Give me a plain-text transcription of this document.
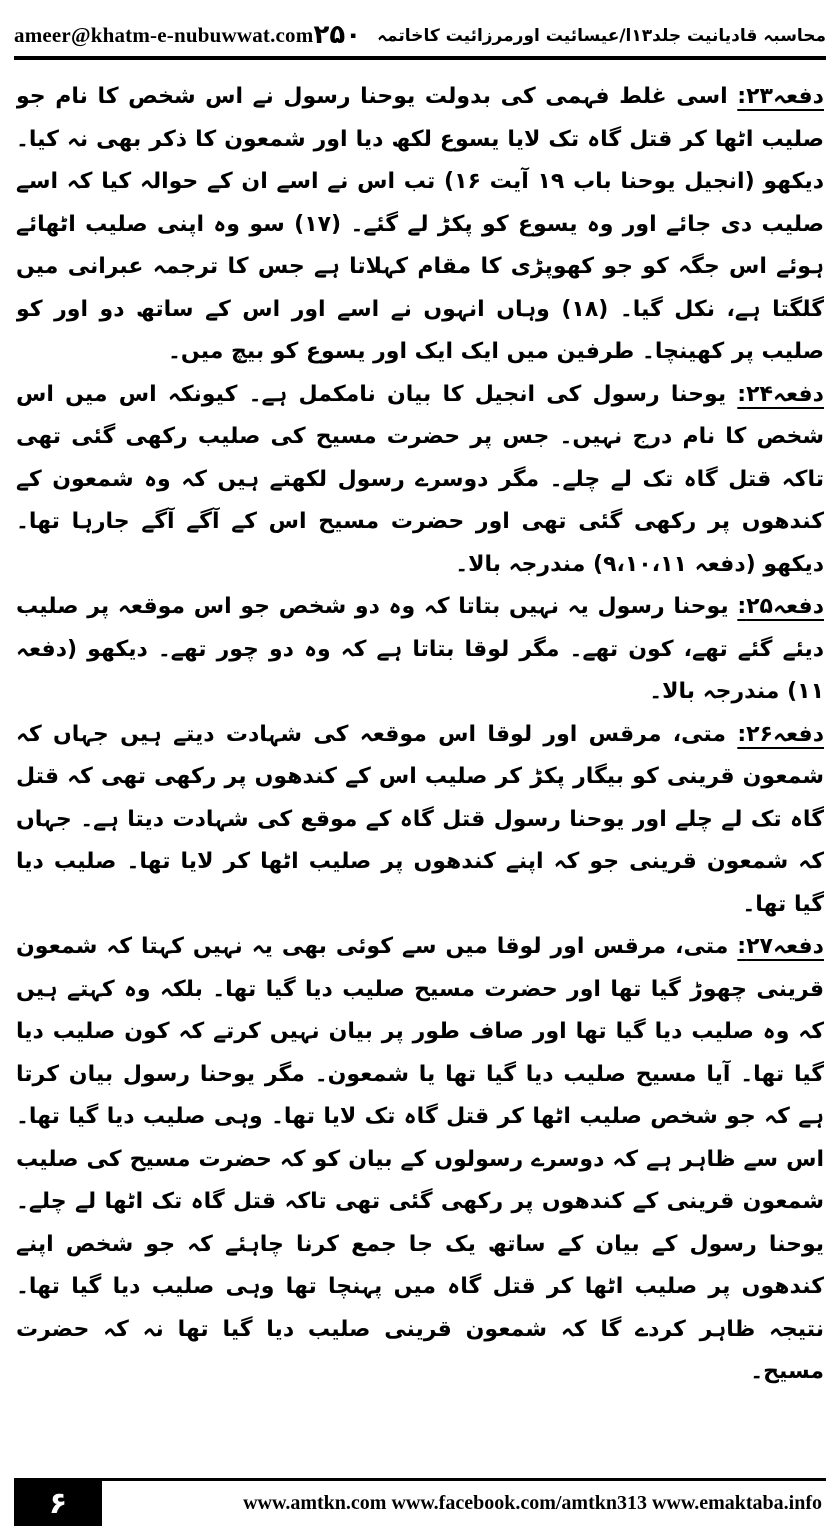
ameer@khatm-e-nubuwwat.com	محاسبہ قادیانیت جلد۱۳ا/عیسائیت اورمرزائیت کاخاتمہ
۲۵۰

دفعہ۲۳: اسی غلط فہمی کی بدولت یوحنا رسول نے اس شخص کا نام جو صلیب اٹھا کر قتل گاہ تک لایا یسوع لکھ دیا اور شمعون کا ذکر بھی نہ کیا۔ دیکھو (انجیل یوحنا باب ۱۹ آیت ۱۶) تب اس نے اسے ان کے حوالہ کیا کہ اسے صلیب دی جائے اور وہ یسوع کو پکڑ لے گئے۔ (۱۷) سو وہ اپنی صلیب اٹھائے ہوئے اس جگہ کو جو کھوپڑی کا مقام کہلاتا ہے جس کا ترجمہ عبرانی میں گلگتا ہے، نکل گیا۔ (۱۸) وہاں انہوں نے اسے اور اس کے ساتھ دو اور کو صلیب پر کھینچا۔ طرفین میں ایک ایک اور یسوع کو بیچ میں۔

دفعہ۲۴: یوحنا رسول کی انجیل کا بیان نامکمل ہے۔ کیونکہ اس میں اس شخص کا نام درج نہیں۔ جس پر حضرت مسیح کی صلیب رکھی گئی تھی تاکہ قتل گاہ تک لے چلے۔ مگر دوسرے رسول لکھتے ہیں کہ وہ شمعون کے کندھوں پر رکھی گئی تھی اور حضرت مسیح اس کے آگے آگے جارہا تھا۔ دیکھو (دفعہ ۹،۱۰،۱۱) مندرجہ بالا۔

دفعہ۲۵: یوحنا رسول یہ نہیں بتاتا کہ وہ دو شخص جو اس موقعہ پر صلیب دیئے گئے تھے، کون تھے۔ مگر لوقا بتاتا ہے کہ وہ دو چور تھے۔ دیکھو (دفعہ ۱۱) مندرجہ بالا۔

دفعہ۲۶: متی، مرقس اور لوقا اس موقعہ کی شہادت دیتے ہیں جہاں کہ شمعون قرینی کو بیگار پکڑ کر صلیب اس کے کندھوں پر رکھی تھی کہ قتل گاہ تک لے چلے اور یوحنا رسول قتل گاہ کے موقع کی شہادت دیتا ہے۔ جہاں کہ شمعون قرینی جو کہ اپنے کندھوں پر صلیب اٹھا کر لایا تھا۔ صلیب دیا گیا تھا۔

دفعہ۲۷: متی، مرقس اور لوقا میں سے کوئی بھی یہ نہیں کہتا کہ شمعون قرینی چھوڑ گیا تھا اور حضرت مسیح صلیب دیا گیا تھا۔ بلکہ وہ کہتے ہیں کہ وہ صلیب دیا گیا تھا اور صاف طور پر بیان نہیں کرتے کہ کون صلیب دیا گیا تھا۔ آیا مسیح صلیب دیا گیا تھا یا شمعون۔ مگر یوحنا رسول بیان کرتا ہے کہ جو شخص صلیب اٹھا کر قتل گاہ تک لایا تھا۔ وہی صلیب دیا گیا تھا۔ اس سے ظاہر ہے کہ دوسرے رسولوں کے بیان کو کہ حضرت مسیح کی صلیب شمعون قرینی کے کندھوں پر رکھی گئی تھی تاکہ قتل گاہ تک اٹھا لے چلے۔ یوحنا رسول کے بیان کے ساتھ یک جا جمع کرنا چاہئے کہ جو شخص اپنے کندھوں پر صلیب اٹھا کر قتل گاہ میں پہنچا تھا وہی صلیب دیا گیا تھا۔ نتیجہ ظاہر کردے گا کہ شمعون قرینی صلیب دیا گیا تھا نہ کہ حضرت مسیح۔

۶	www.amtkn.com www.facebook.com/amtkn313 www.emaktaba.info
